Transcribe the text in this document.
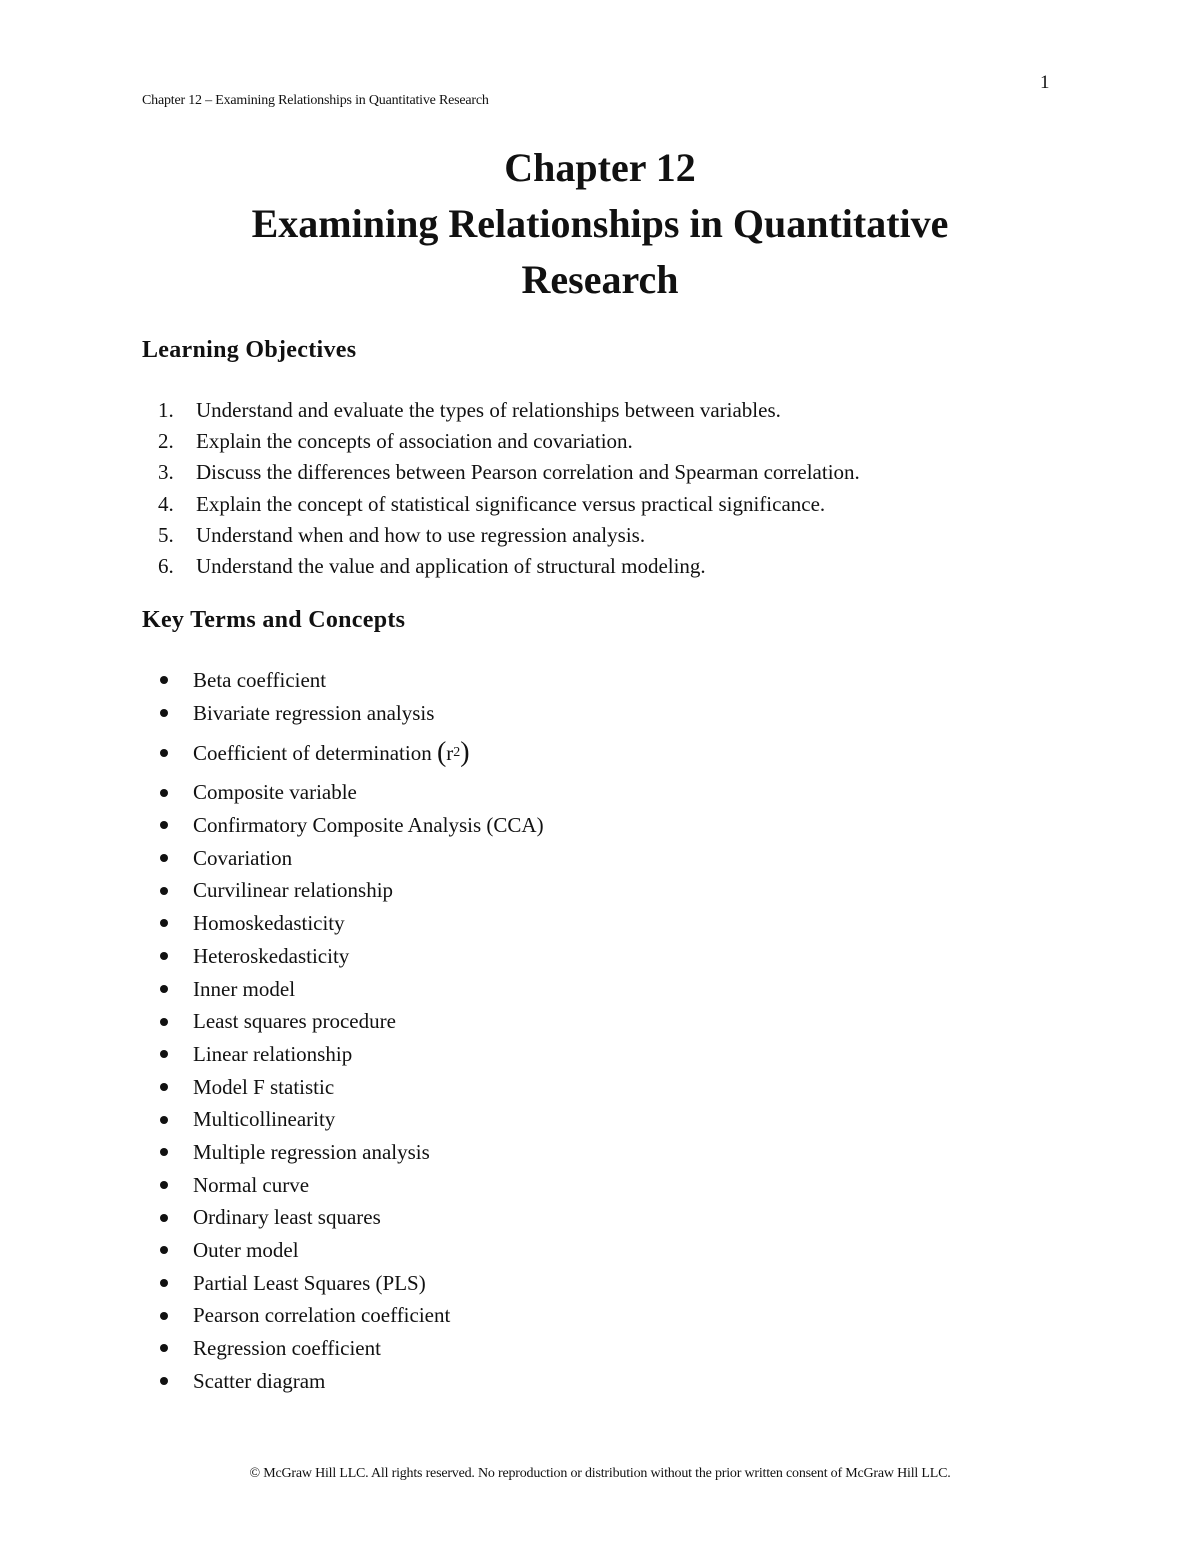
1
Chapter 12 – Examining Relationships in Quantitative Research
Chapter 12
Examining Relationships in Quantitative
Research
Learning Objectives
1.	Understand and evaluate the types of relationships between variables.
2.	Explain the concepts of association and covariation.
3.	Discuss the differences between Pearson correlation and Spearman correlation.
4.	Explain the concept of statistical significance versus practical significance.
5.	Understand when and how to use regression analysis.
6.	Understand the value and application of structural modeling.
Key Terms and Concepts
Beta coefficient
Bivariate regression analysis
Coefficient of determination
( r 2 )
Composite variable
Confirmatory Composite Analysis (CCA)
Covariation
Curvilinear relationship
Homoskedasticity
Heteroskedasticity
Inner model
Least squares procedure
Linear relationship
Model F statistic
Multicollinearity
Multiple regression analysis
Normal curve
Ordinary least squares
Outer model
Partial Least Squares (PLS)
Pearson correlation coefficient
Regression coefficient
Scatter diagram
© McGraw Hill LLC. All rights reserved. No reproduction or distribution without the prior written consent of McGraw Hill LLC.
